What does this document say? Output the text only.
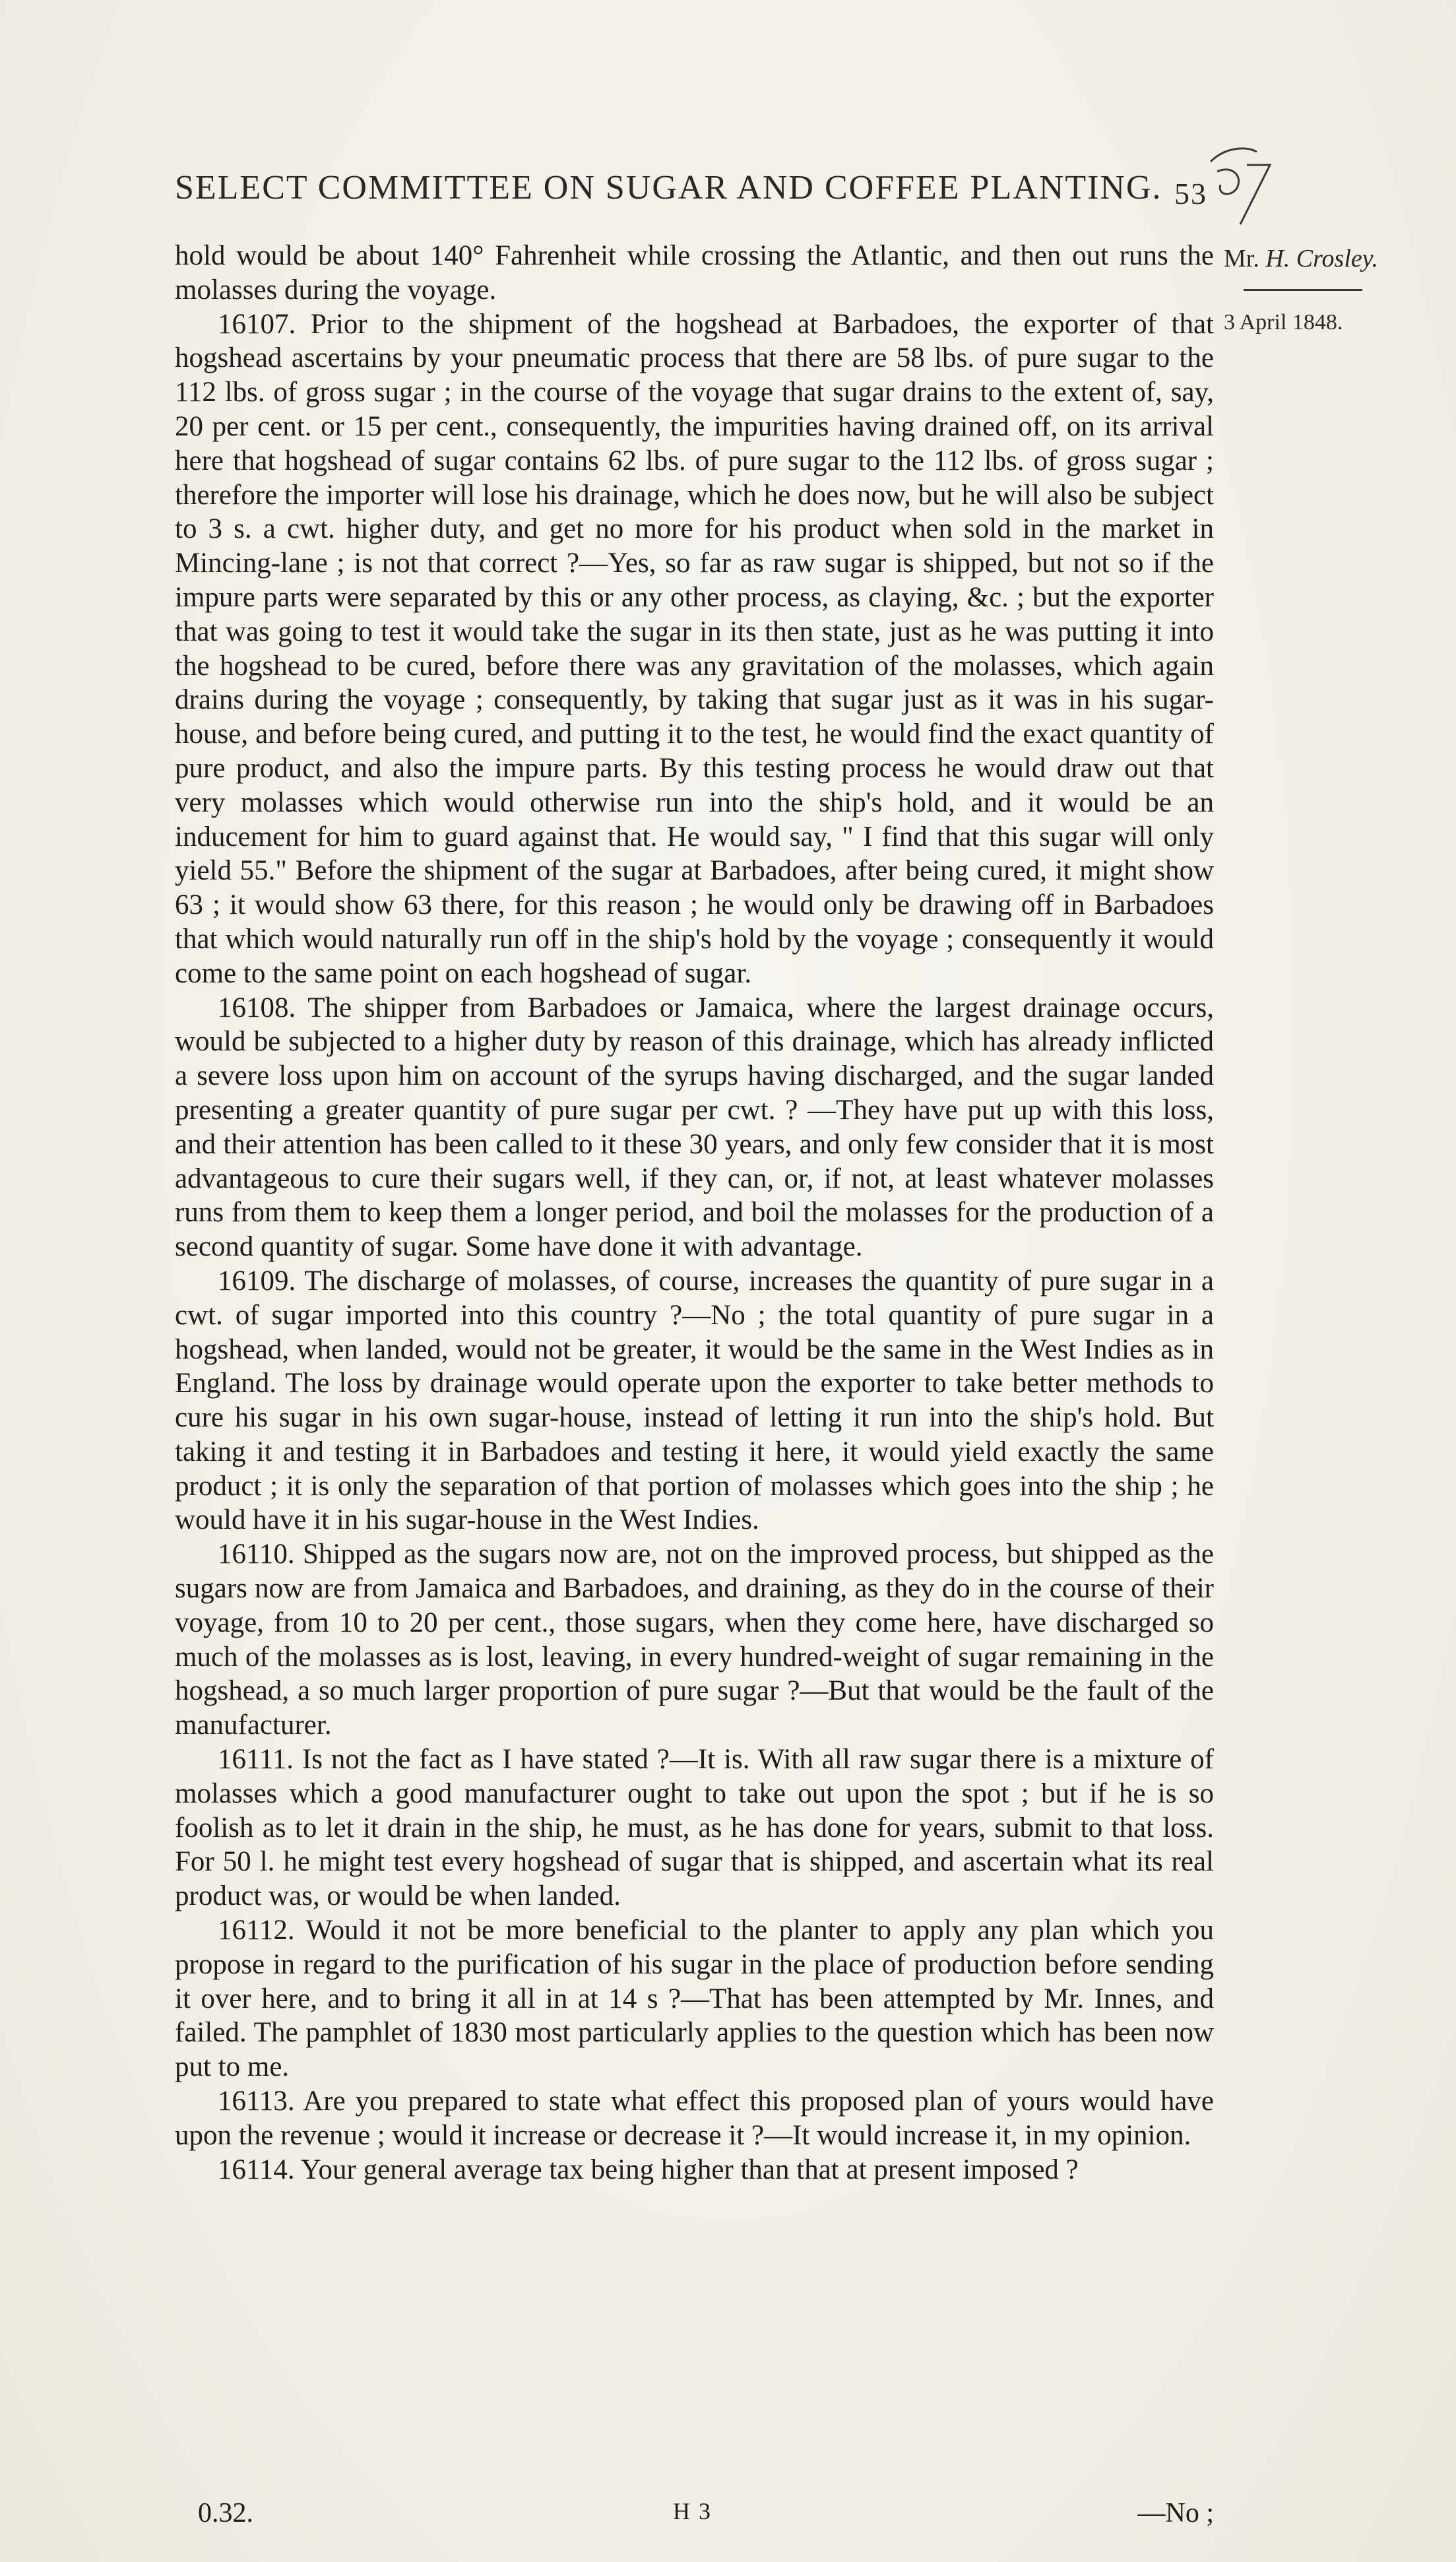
SELECT COMMITTEE ON SUGAR AND COFFEE PLANTING. 53
Mr. H. Crosley.
3 April 1848.

hold would be about 140° Fahrenheit while crossing the Atlantic, and then out runs the molasses during the voyage.

16107. Prior to the shipment of the hogshead at Barbadoes, the exporter of that hogshead ascertains by your pneumatic process that there are 58 lbs. of pure sugar to the 112 lbs. of gross sugar ; in the course of the voyage that sugar drains to the extent of, say, 20 per cent. or 15 per cent., consequently, the impurities having drained off, on its arrival here that hogshead of sugar contains 62 lbs. of pure sugar to the 112 lbs. of gross sugar ; therefore the importer will lose his drainage, which he does now, but he will also be subject to 3 s. a cwt. higher duty, and get no more for his product when sold in the market in Mincing-lane ; is not that correct ?—Yes, so far as raw sugar is shipped, but not so if the impure parts were separated by this or any other process, as claying, &c. ; but the exporter that was going to test it would take the sugar in its then state, just as he was putting it into the hogshead to be cured, before there was any gravitation of the molasses, which again drains during the voyage ; consequently, by taking that sugar just as it was in his sugar-house, and before being cured, and putting it to the test, he would find the exact quantity of pure product, and also the impure parts. By this testing process he would draw out that very molasses which would otherwise run into the ship's hold, and it would be an inducement for him to guard against that. He would say, " I find that this sugar will only yield 55." Before the shipment of the sugar at Barbadoes, after being cured, it might show 63 ; it would show 63 there, for this reason ; he would only be drawing off in Barbadoes that which would naturally run off in the ship's hold by the voyage ; consequently it would come to the same point on each hogshead of sugar.

16108. The shipper from Barbadoes or Jamaica, where the largest drainage occurs, would be subjected to a higher duty by reason of this drainage, which has already inflicted a severe loss upon him on account of the syrups having discharged, and the sugar landed presenting a greater quantity of pure sugar per cwt. ? —They have put up with this loss, and their attention has been called to it these 30 years, and only few consider that it is most advantageous to cure their sugars well, if they can, or, if not, at least whatever molasses runs from them to keep them a longer period, and boil the molasses for the production of a second quantity of sugar. Some have done it with advantage.

16109. The discharge of molasses, of course, increases the quantity of pure sugar in a cwt. of sugar imported into this country ?—No ; the total quantity of pure sugar in a hogshead, when landed, would not be greater, it would be the same in the West Indies as in England. The loss by drainage would operate upon the exporter to take better methods to cure his sugar in his own sugar-house, instead of letting it run into the ship's hold. But taking it and testing it in Barbadoes and testing it here, it would yield exactly the same product ; it is only the separation of that portion of molasses which goes into the ship ; he would have it in his sugar-house in the West Indies.

16110. Shipped as the sugars now are, not on the improved process, but shipped as the sugars now are from Jamaica and Barbadoes, and draining, as they do in the course of their voyage, from 10 to 20 per cent., those sugars, when they come here, have discharged so much of the molasses as is lost, leaving, in every hundred-weight of sugar remaining in the hogshead, a so much larger proportion of pure sugar ?—But that would be the fault of the manufacturer.

16111. Is not the fact as I have stated ?—It is. With all raw sugar there is a mixture of molasses which a good manufacturer ought to take out upon the spot ; but if he is so foolish as to let it drain in the ship, he must, as he has done for years, submit to that loss. For 50 l. he might test every hogshead of sugar that is shipped, and ascertain what its real product was, or would be when landed.

16112. Would it not be more beneficial to the planter to apply any plan which you propose in regard to the purification of his sugar in the place of production before sending it over here, and to bring it all in at 14 s ?—That has been attempted by Mr. Innes, and failed. The pamphlet of 1830 most particularly applies to the question which has been now put to me.

16113. Are you prepared to state what effect this proposed plan of yours would have upon the revenue ; would it increase or decrease it ?—It would increase it, in my opinion.

16114. Your general average tax being higher than that at present imposed ?

0.32.	H 3	—No ;
